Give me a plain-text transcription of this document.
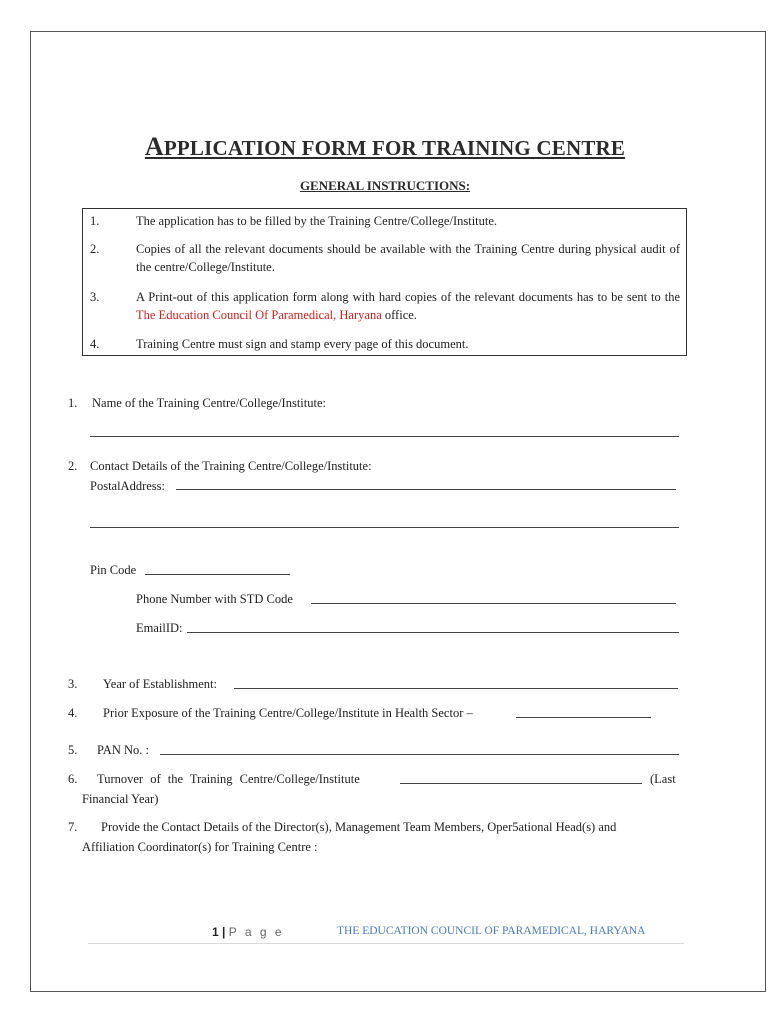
APPLICATION FORM FOR TRAINING CENTRE
GENERAL INSTRUCTIONS:
1.	The application has to be filled by the Training Centre/College/Institute.
2.	Copies of all the relevant documents should be available with the Training Centre during physical audit of the centre/College/Institute.
3.	A Print-out of this application form along with hard copies of the relevant documents has to be sent to the The Education Council Of Paramedical, Haryana office.
4.	Training Centre must sign and stamp every page of this document.
1. Name of the Training Centre/College/Institute:
2. Contact Details of the Training Centre/College/Institute:
PostalAddress:
Pin Code
Phone Number with STD Code
EmailID:
3. Year of Establishment:
4. Prior Exposure of the Training Centre/College/Institute in Health Sector –
5. PAN No. :
6. Turnover of the Training Centre/College/Institute	(Last
Financial Year)
7. Provide the Contact Details of the Director(s), Management Team Members, Oper5ational Head(s) and
Affiliation Coordinator(s) for Training Centre :
1 | P a g e	THE EDUCATION COUNCIL OF PARAMEDICAL, HARYANA
